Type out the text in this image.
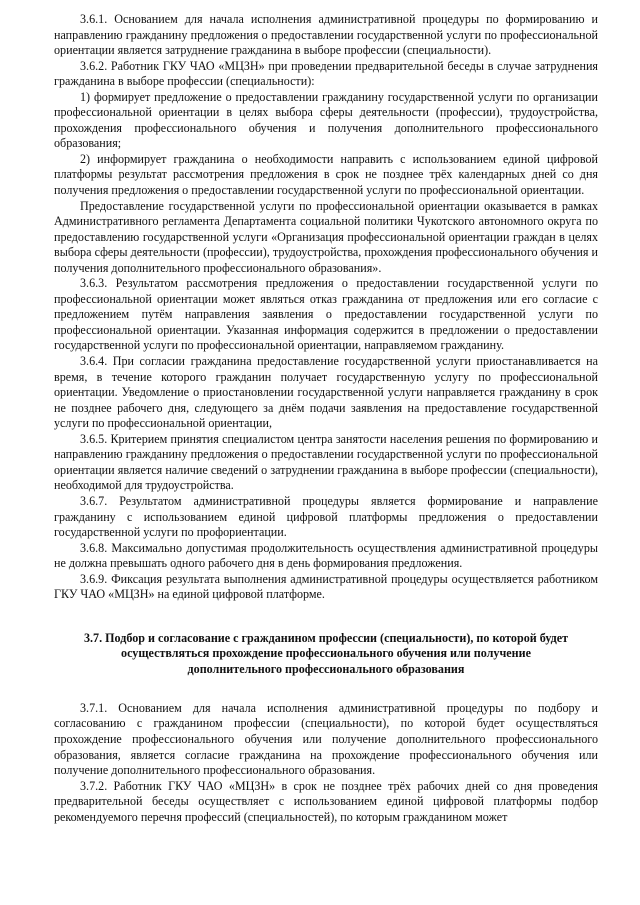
3.6.1. Основанием для начала исполнения административной процедуры по формированию и направлению гражданину предложения о предоставлении государственной услуги по профессиональной ориентации является затруднение гражданина в выборе профессии (специальности).

3.6.2. Работник ГКУ ЧАО «МЦЗН» при проведении предварительной беседы в случае затруднения гражданина в выборе профессии (специальности):

1) формирует предложение о предоставлении гражданину государственной услуги по организации профессиональной ориентации в целях выбора сферы деятельности (профессии), трудоустройства, прохождения профессионального обучения и получения дополнительного профессионального образования;

2) информирует гражданина о необходимости направить с использованием единой цифровой платформы результат рассмотрения предложения в срок не позднее трёх календарных дней со дня получения предложения о предоставлении государственной услуги по профессиональной ориентации.

Предоставление государственной услуги по профессиональной ориентации оказывается в рамках Административного регламента Департамента социальной политики Чукотского автономного округа по предоставлению государственной услуги «Организация профессиональной ориентации граждан в целях выбора сферы деятельности (профессии), трудоустройства, прохождения профессионального обучения и получения дополнительного профессионального образования».

3.6.3. Результатом рассмотрения предложения о предоставлении государственной услуги по профессиональной ориентации может являться отказ гражданина от предложения или его согласие с предложением путём направления заявления о предоставлении государственной услуги по профессиональной ориентации. Указанная информация содержится в предложении о предоставлении государственной услуги по профессиональной ориентации, направляемом гражданину.

3.6.4. При согласии гражданина предоставление государственной услуги приостанавливается на время, в течение которого гражданин получает государственную услугу по профессиональной ориентации. Уведомление о приостановлении государственной услуги направляется гражданину в срок не позднее рабочего дня, следующего за днём подачи заявления на предоставление государственной услуги по профессиональной ориентации,

3.6.5. Критерием принятия специалистом центра занятости населения решения по формированию и направлению гражданину предложения о предоставлении государственной услуги по профессиональной ориентации является наличие сведений о затруднении гражданина в выборе профессии (специальности), необходимой для трудоустройства.

3.6.7. Результатом административной процедуры является формирование и направление гражданину с использованием единой цифровой платформы предложения о предоставлении государственной услуги по профориентации.

3.6.8. Максимально допустимая продолжительность осуществления административной процедуры не должна превышать одного рабочего дня в день формирования предложения.

3.6.9. Фиксация результата выполнения административной процедуры осуществляется работником ГКУ ЧАО «МЦЗН» на единой цифровой платформе.

3.7. Подбор и согласование с гражданином профессии (специальности), по которой будет осуществляться прохождение профессионального обучения или получение дополнительного профессионального образования

3.7.1. Основанием для начала исполнения административной процедуры по подбору и согласованию с гражданином профессии (специальности), по которой будет осуществляться прохождение профессионального обучения или получение дополнительного профессионального образования, является согласие гражданина на прохождение профессионального обучения или получение дополнительного профессионального образования.

3.7.2. Работник ГКУ ЧАО «МЦЗН» в срок не позднее трёх рабочих дней со дня проведения предварительной беседы осуществляет с использованием единой цифровой платформы подбор рекомендуемого перечня профессий (специальностей), по которым гражданином может
